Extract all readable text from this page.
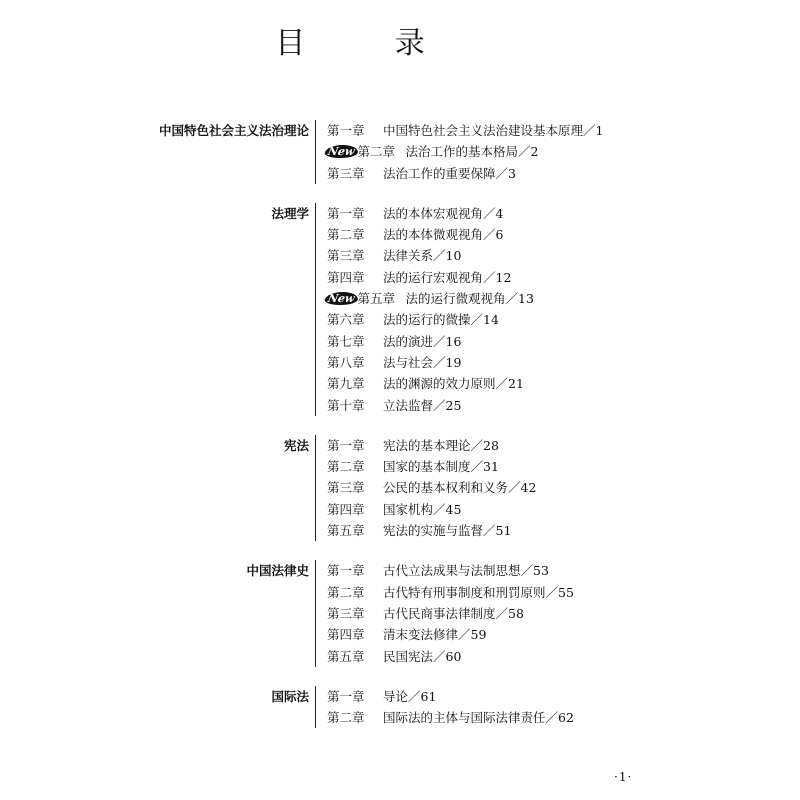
目 录
中国特色社会主义法治理论	第一章 中国特色社会主义法治建设基本原理／1
New 第二章 法治工作的基本格局／2
第三章 法治工作的重要保障／3
法理学	第一章 法的本体宏观视角／4
第二章 法的本体微观视角／6
第三章 法律关系／10
第四章 法的运行宏观视角／12
New 第五章 法的运行微观视角／13
第六章 法的运行的微操／14
第七章 法的演进／16
第八章 法与社会／19
第九章 法的渊源的效力原则／21
第十章 立法监督／25
宪法	第一章 宪法的基本理论／28
第二章 国家的基本制度／31
第三章 公民的基本权利和义务／42
第四章 国家机构／45
第五章 宪法的实施与监督／51
中国法律史	第一章 古代立法成果与法制思想／53
第二章 古代特有刑事制度和刑罚原则／55
第三章 古代民商事法律制度／58
第四章 清末变法修律／59
第五章 民国宪法／60
国际法	第一章 导论／61
第二章 国际法的主体与国际法律责任／62
·1·
